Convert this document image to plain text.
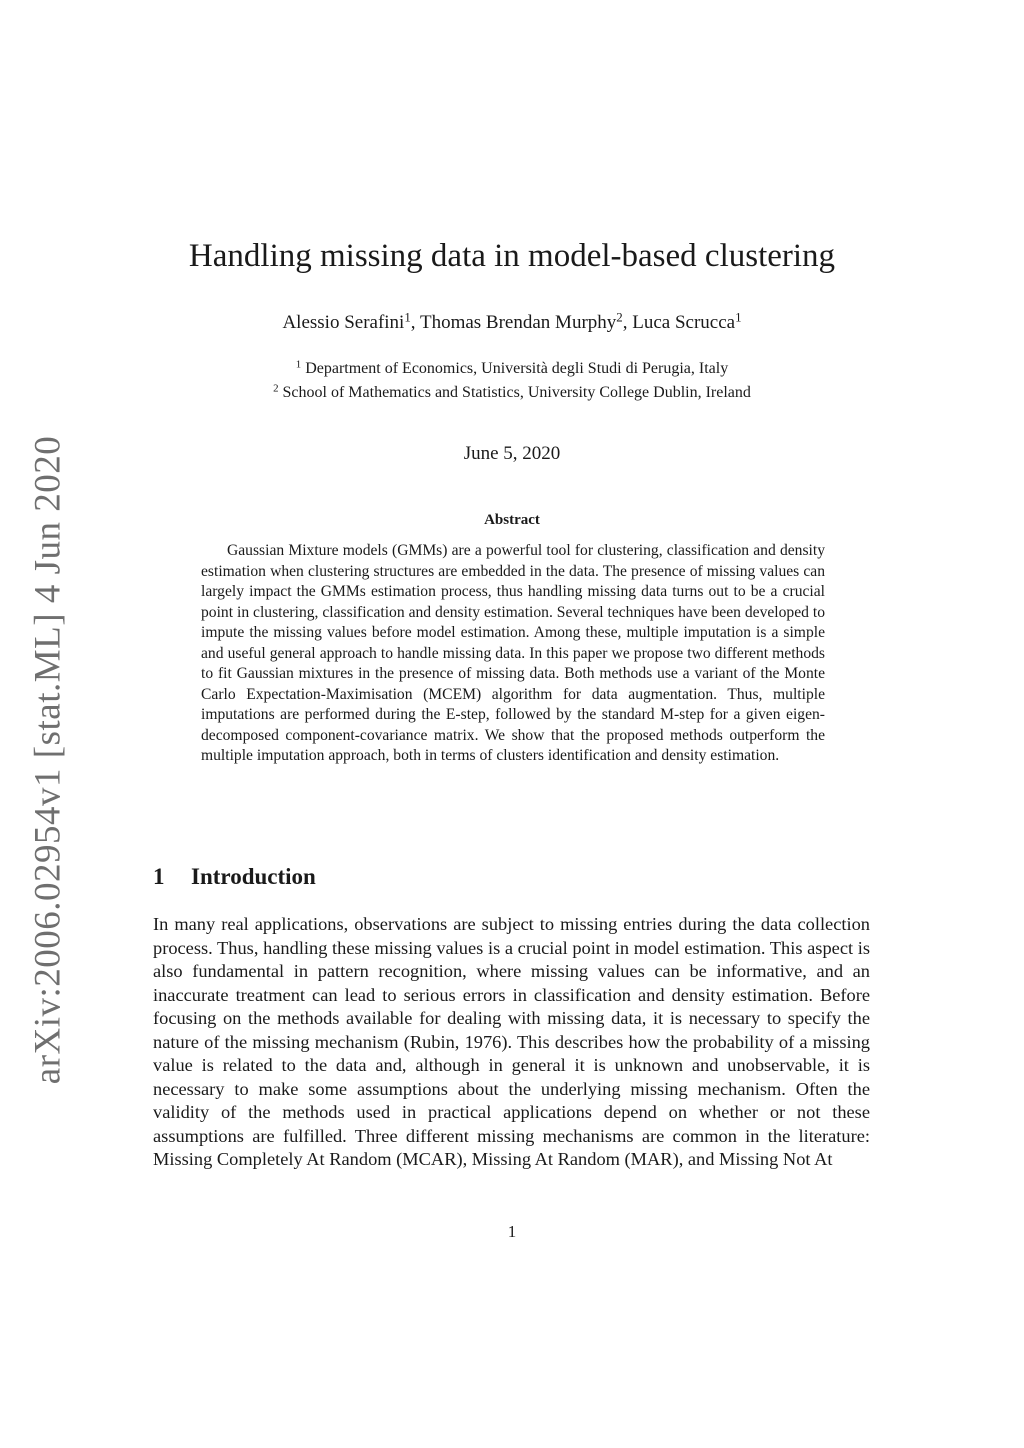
arXiv:2006.02954v1 [stat.ML] 4 Jun 2020
Handling missing data in model-based clustering
Alessio Serafini$^1$, Thomas Brendan Murphy$^2$, Luca Scrucca$^1$
$^1$ Department of Economics, Università degli Studi di Perugia, Italy
$^2$ School of Mathematics and Statistics, University College Dublin, Ireland
June 5, 2020
Abstract

Gaussian Mixture models (GMMs) are a powerful tool for clustering, classification and density estimation when clustering structures are embedded in the data. The presence of missing values can largely impact the GMMs estimation process, thus handling missing data turns out to be a crucial point in clustering, classification and density estimation. Several techniques have been developed to impute the missing values before model estimation. Among these, multiple imputation is a simple and useful general approach to handle missing data. In this paper we propose two different methods to fit Gaussian mixtures in the presence of missing data. Both methods use a variant of the Monte Carlo Expectation-Maximisation (MCEM) algorithm for data augmentation. Thus, multiple imputations are performed during the E-step, followed by the standard M-step for a given eigen-decomposed component-covariance matrix. We show that the proposed methods outperform the multiple imputation approach, both in terms of clusters identification and density estimation.

1 Introduction

In many real applications, observations are subject to missing entries during the data collection process. Thus, handling these missing values is a crucial point in model estimation. This aspect is also fundamental in pattern recognition, where missing values can be informative, and an inaccurate treatment can lead to serious errors in classification and density estimation. Before focusing on the methods available for dealing with missing data, it is necessary to specify the nature of the missing mechanism (Rubin, 1976). This describes how the probability of a missing value is related to the data and, although in general it is unknown and unobservable, it is necessary to make some assumptions about the underlying missing mechanism. Often the validity of the methods used in practical applications depend on whether or not these assumptions are fulfilled. Three different missing mechanisms are common in the literature: Missing Completely At Random (MCAR), Missing At Random (MAR), and Missing Not At

1
